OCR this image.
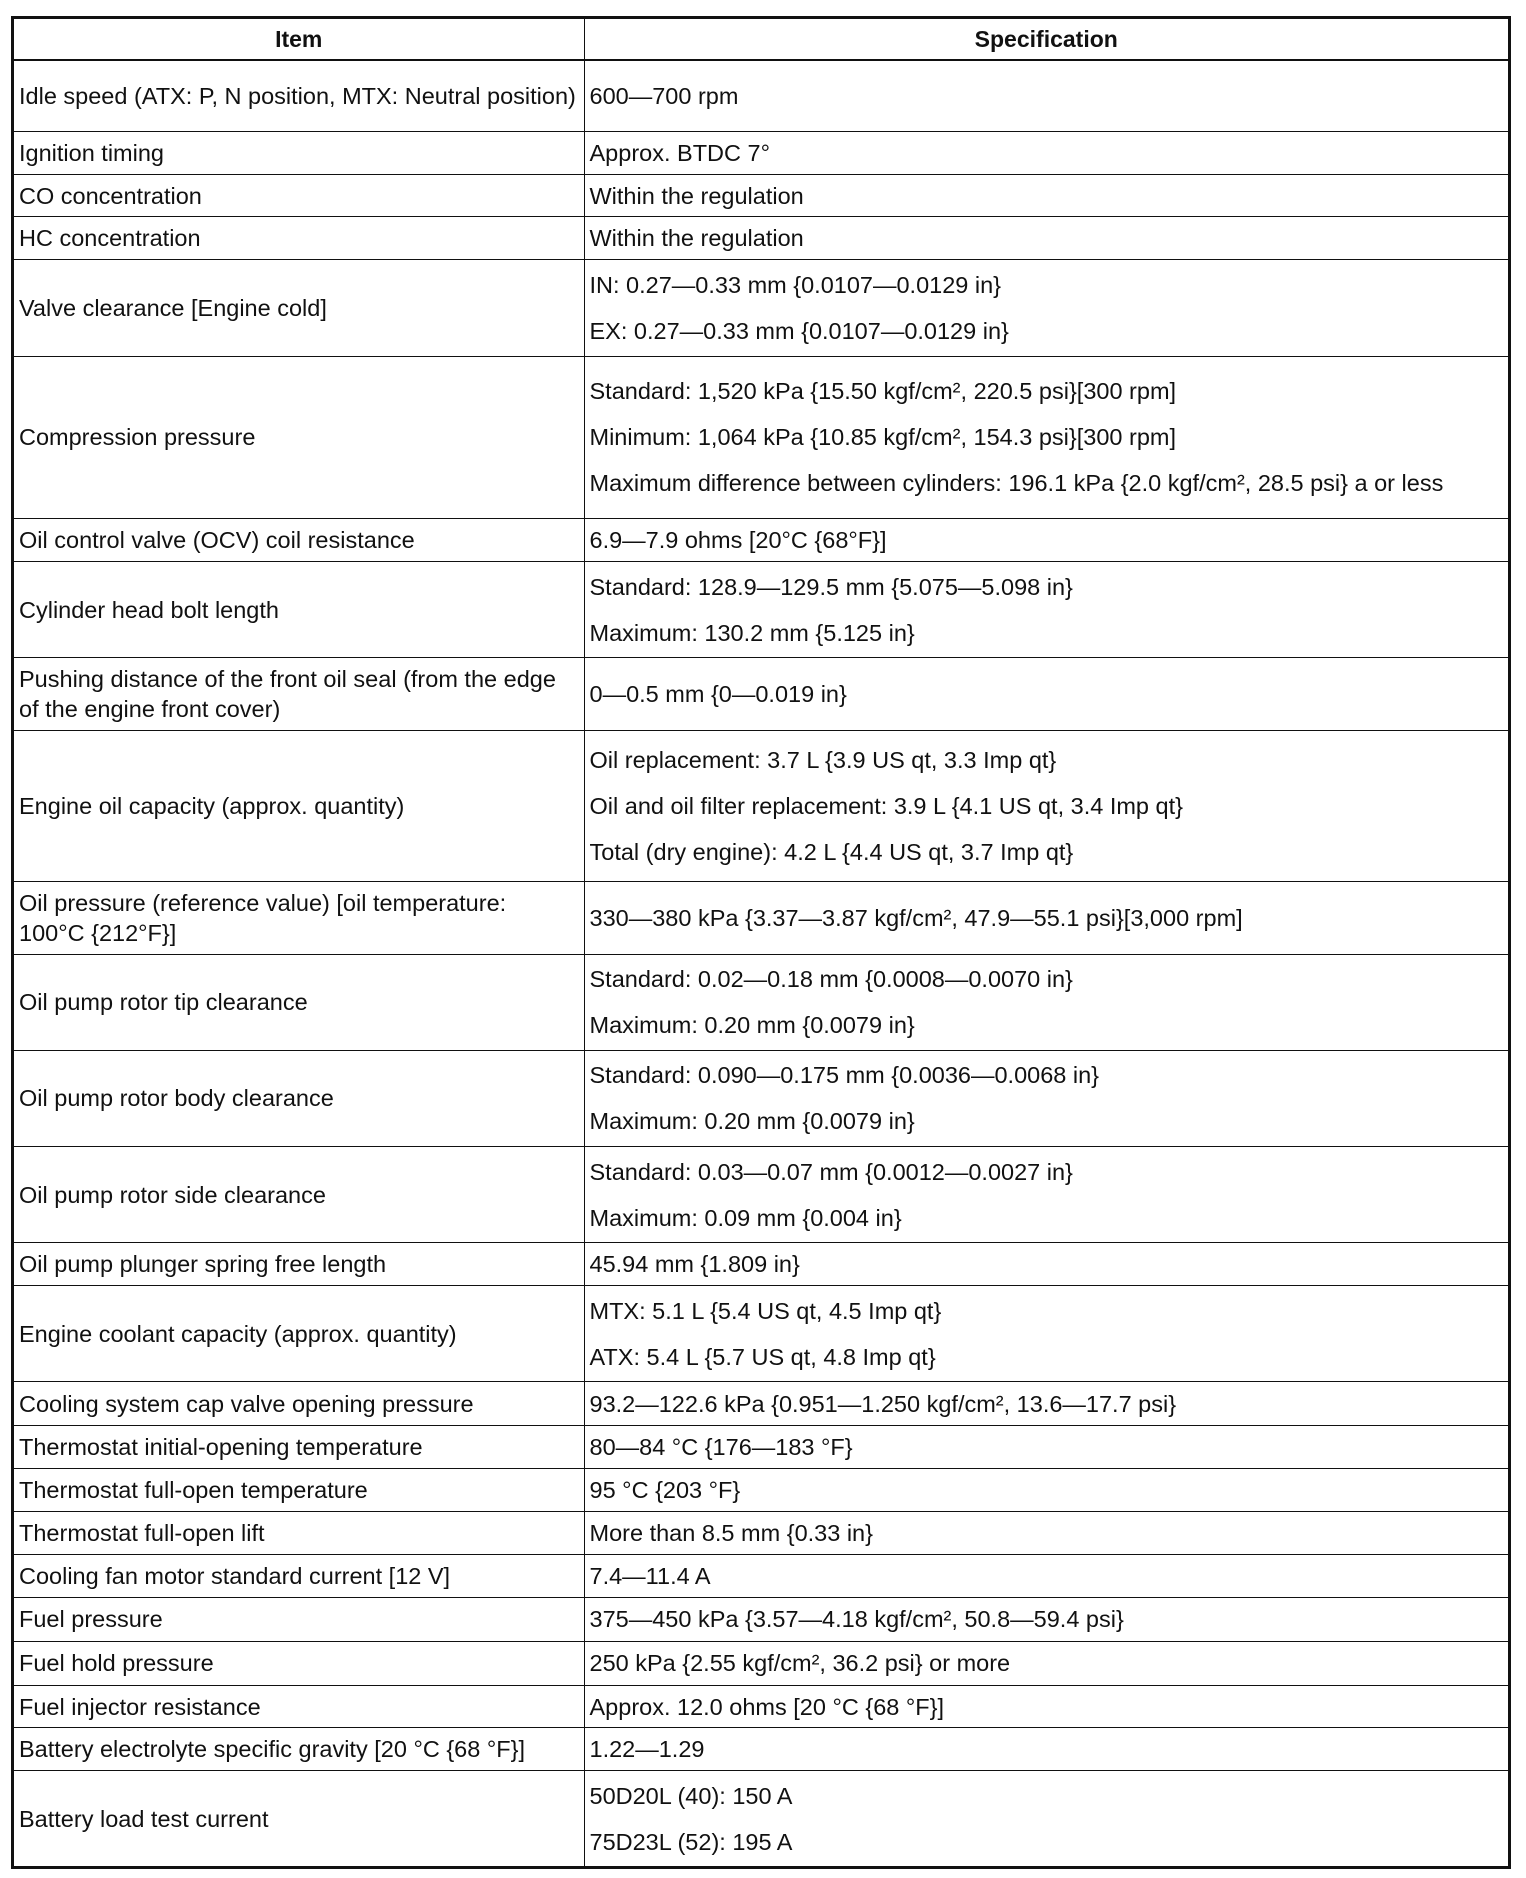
Item	Specification
Idle speed (ATX: P, N position, MTX: Neutral position)	600—700 rpm

Ignition timing	Approx. BTDC 7°

CO concentration	Within the regulation

HC concentration	Within the regulation

Valve clearance [Engine cold]	IN: 0.27—0.33 mm {0.0107—0.0129 in}
EX: 0.27—0.33 mm {0.0107—0.0129 in}

Compression pressure	Standard: 1,520 kPa {15.50 kgf/cm², 220.5 psi}[300 rpm]
Minimum: 1,064 kPa {10.85 kgf/cm², 154.3 psi}[300 rpm]
Maximum difference between cylinders: 196.1 kPa {2.0 kgf/cm², 28.5 psi} a or less

Oil control valve (OCV) coil resistance	6.9—7.9 ohms [20°C {68°F}]

Cylinder head bolt length	Standard: 128.9—129.5 mm {5.075—5.098 in}
Maximum: 130.2 mm {5.125 in}

Pushing distance of the front oil seal (from the edge of the engine front cover)	0—0.5 mm {0—0.019 in}

Engine oil capacity (approx. quantity)	Oil replacement: 3.7 L {3.9 US qt, 3.3 Imp qt}
Oil and oil filter replacement: 3.9 L {4.1 US qt, 3.4 Imp qt}
Total (dry engine): 4.2 L {4.4 US qt, 3.7 Imp qt}

Oil pressure (reference value) [oil temperature: 100°C {212°F}]	330—380 kPa {3.37—3.87 kgf/cm², 47.9—55.1 psi}[3,000 rpm]

Oil pump rotor tip clearance	Standard: 0.02—0.18 mm {0.0008—0.0070 in}
Maximum: 0.20 mm {0.0079 in}

Oil pump rotor body clearance	Standard: 0.090—0.175 mm {0.0036—0.0068 in}
Maximum: 0.20 mm {0.0079 in}

Oil pump rotor side clearance	Standard: 0.03—0.07 mm {0.0012—0.0027 in}
Maximum: 0.09 mm {0.004 in}

Oil pump plunger spring free length	45.94 mm {1.809 in}

Engine coolant capacity (approx. quantity)	MTX: 5.1 L {5.4 US qt, 4.5 Imp qt}
ATX: 5.4 L {5.7 US qt, 4.8 Imp qt}

Cooling system cap valve opening pressure	93.2—122.6 kPa {0.951—1.250 kgf/cm², 13.6—17.7 psi}

Thermostat initial-opening temperature	80—84 °C {176—183 °F}

Thermostat full-open temperature	95 °C {203 °F}

Thermostat full-open lift	More than 8.5 mm {0.33 in}

Cooling fan motor standard current [12 V]	7.4—11.4 A

Fuel pressure	375—450 kPa {3.57—4.18 kgf/cm², 50.8—59.4 psi}

Fuel hold pressure	250 kPa {2.55 kgf/cm², 36.2 psi} or more

Fuel injector resistance	Approx. 12.0 ohms [20 °C {68 °F}]

Battery electrolyte specific gravity [20 °C {68 °F}]	1.22—1.29

Battery load test current	50D20L (40): 150 A
75D23L (52): 195 A
